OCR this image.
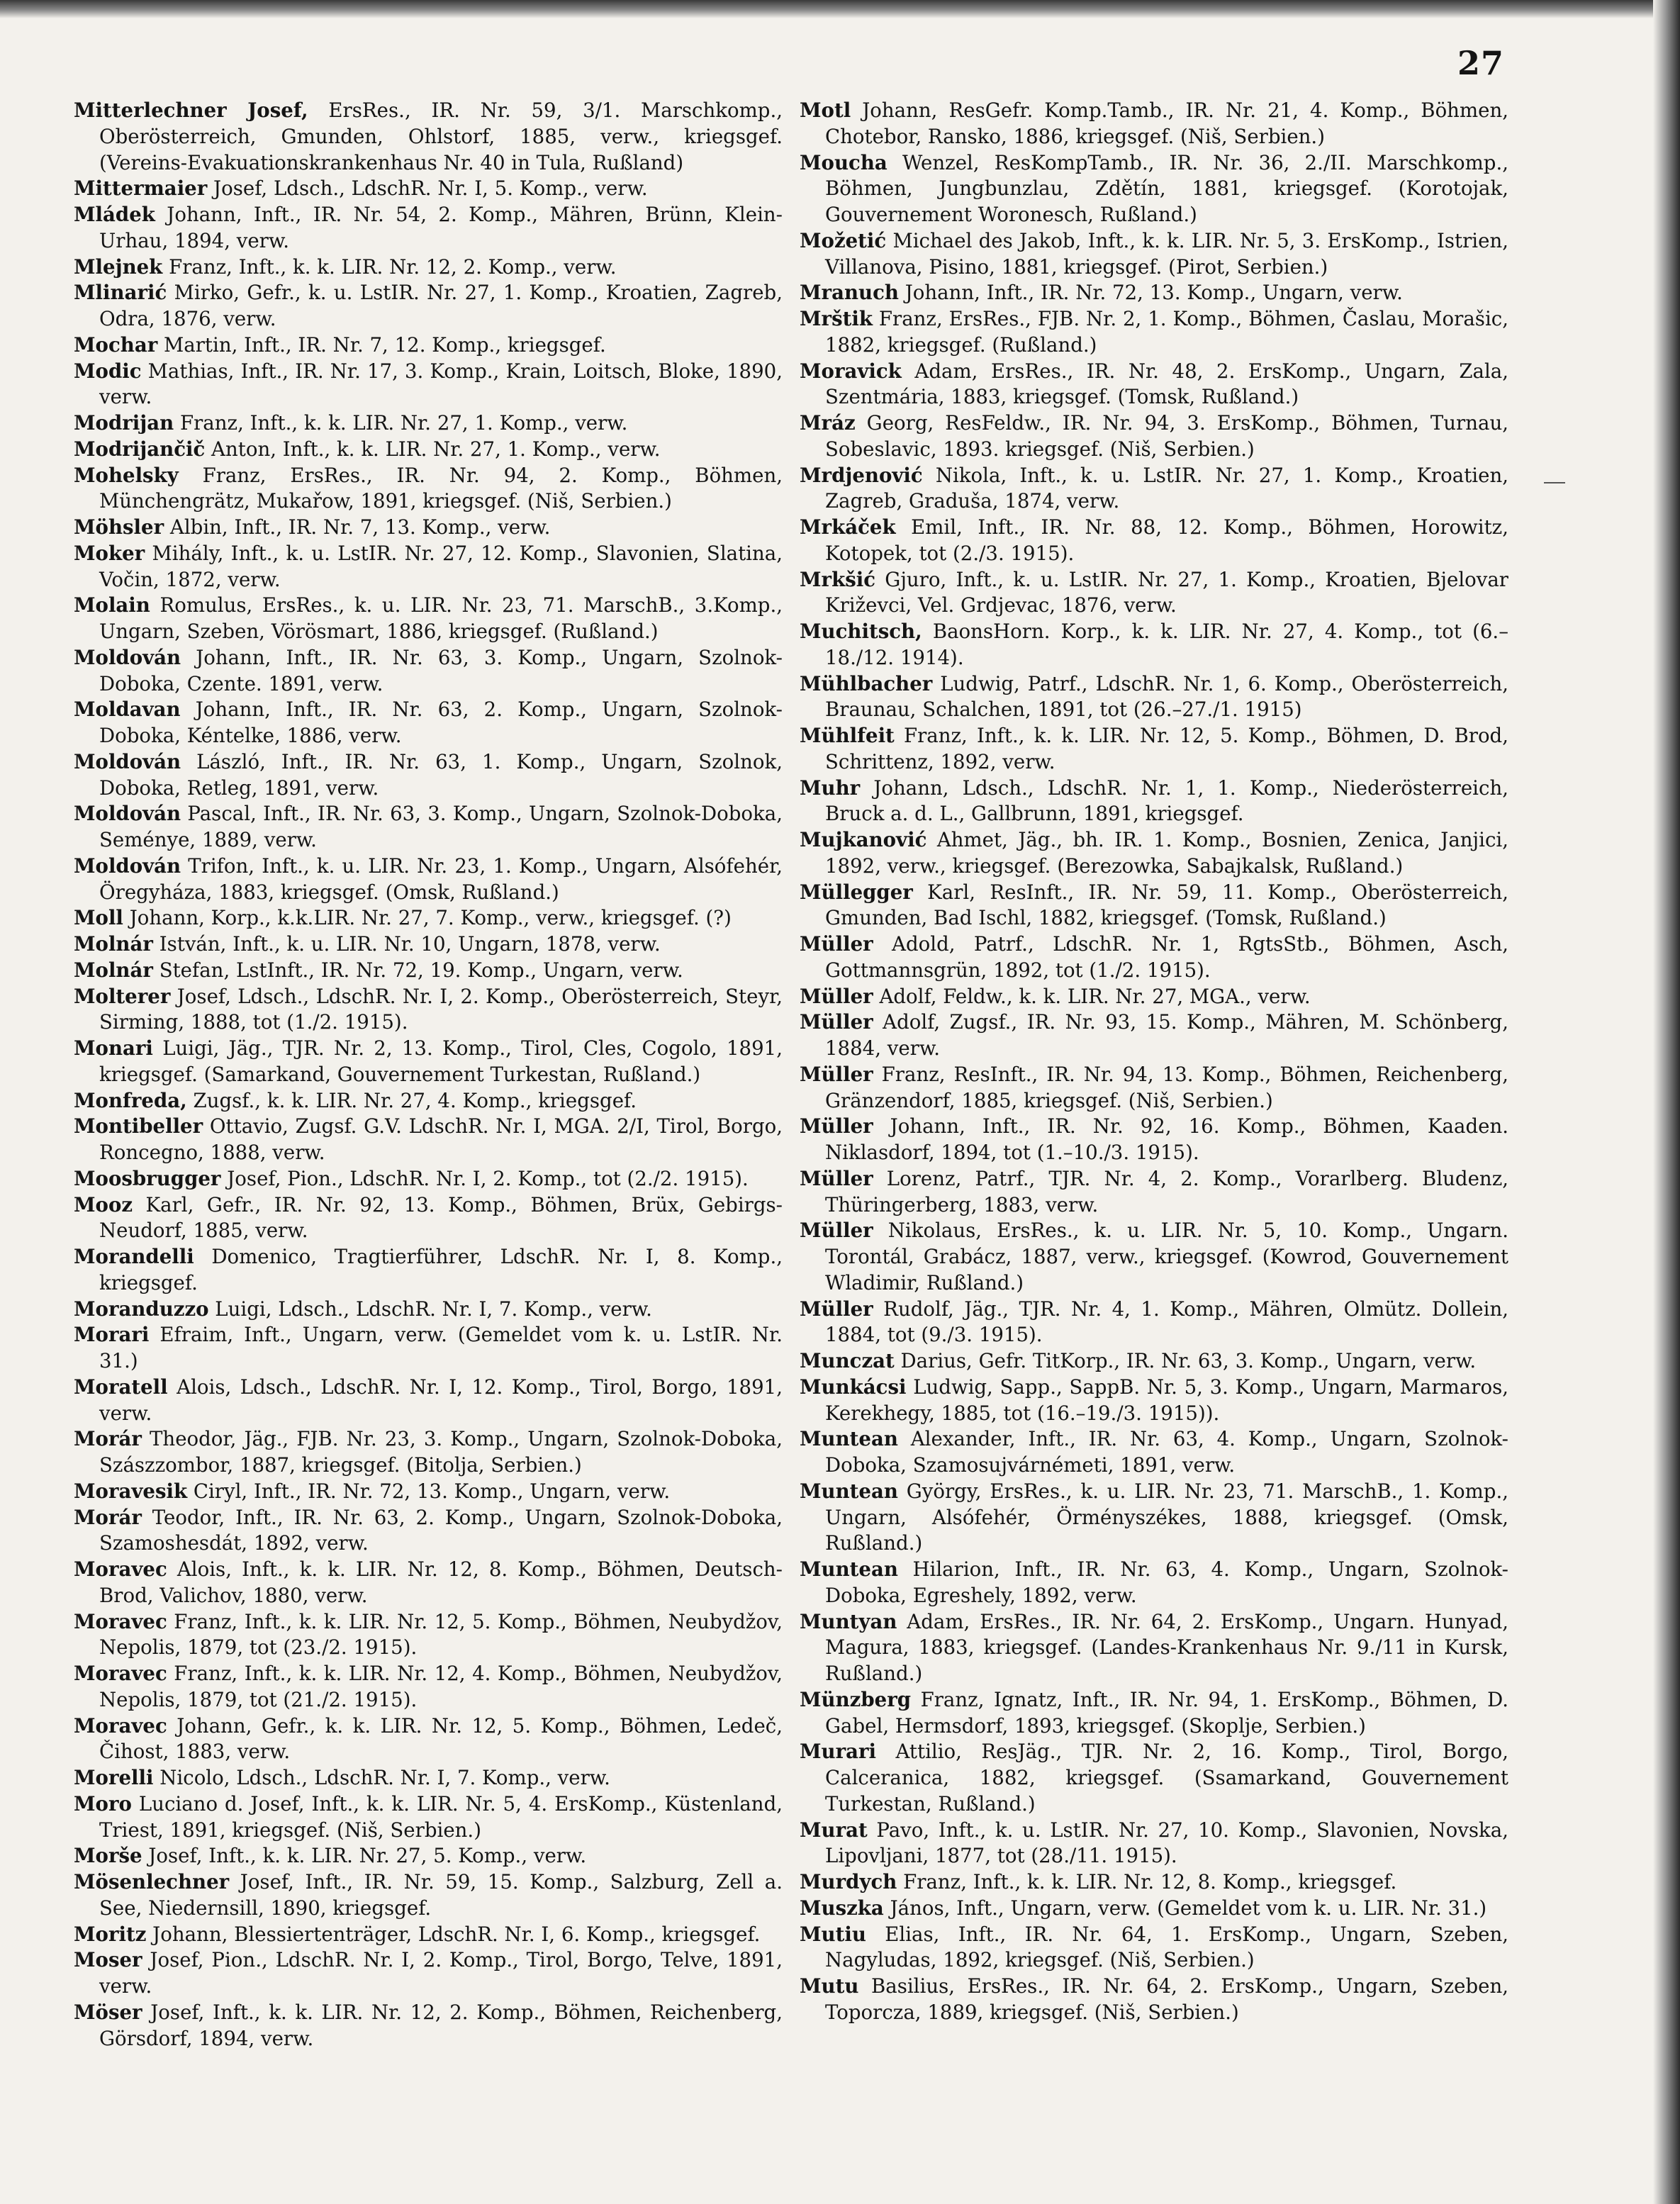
27

Mitterlechner Josef, ErsRes., IR. Nr. 59, 3/1. Marschkomp., Oberösterreich, Gmunden, Ohlstorf, 1885, verw., kriegsgef. (Vereins-Evakuationskrankenhaus Nr. 40 in Tula, Rußland)

Mittermaier Josef, Ldsch., LdschR. Nr. I, 5. Komp., verw.

Mládek Johann, Inft., IR. Nr. 54, 2. Komp., Mähren, Brünn, Klein-Urhau, 1894, verw.

Mlejnek Franz, Inft., k. k. LIR. Nr. 12, 2. Komp., verw.

Mlinarić Mirko, Gefr., k. u. LstIR. Nr. 27, 1. Komp., Kroatien, Zagreb, Odra, 1876, verw.

Mochar Martin, Inft., IR. Nr. 7, 12. Komp., kriegsgef.

Modic Mathias, Inft., IR. Nr. 17, 3. Komp., Krain, Loitsch, Bloke, 1890, verw.

Modrijan Franz, Inft., k. k. LIR. Nr. 27, 1. Komp., verw.

Modrijančič Anton, Inft., k. k. LIR. Nr. 27, 1. Komp., verw.

Mohelsky Franz, ErsRes., IR. Nr. 94, 2. Komp., Böhmen, Münchengrätz, Mukařow, 1891, kriegsgef. (Niš, Serbien.)

Möhsler Albin, Inft., IR. Nr. 7, 13. Komp., verw.

Moker Mihály, Inft., k. u. LstIR. Nr. 27, 12. Komp., Slavonien, Slatina, Vočin, 1872, verw.

Molain Romulus, ErsRes., k. u. LIR. Nr. 23, 71. MarschB., 3.Komp., Ungarn, Szeben, Vörösmart, 1886, kriegsgef. (Rußland.)

Moldován Johann, Inft., IR. Nr. 63, 3. Komp., Ungarn, Szolnok-Doboka, Czente. 1891, verw.

Moldavan Johann, Inft., IR. Nr. 63, 2. Komp., Ungarn, Szolnok-Doboka, Kéntelke, 1886, verw.

Moldován László, Inft., IR. Nr. 63, 1. Komp., Ungarn, Szolnok, Doboka, Retleg, 1891, verw.

Moldován Pascal, Inft., IR. Nr. 63, 3. Komp., Ungarn, Szolnok-Doboka, Seménye, 1889, verw.

Moldován Trifon, Inft., k. u. LIR. Nr. 23, 1. Komp., Ungarn, Alsófehér, Öregyháza, 1883, kriegsgef. (Omsk, Rußland.)

Moll Johann, Korp., k.k.LIR. Nr. 27, 7. Komp., verw., kriegsgef. (?)

Molnár István, Inft., k. u. LIR. Nr. 10, Ungarn, 1878, verw.

Molnár Stefan, LstInft., IR. Nr. 72, 19. Komp., Ungarn, verw.

Molterer Josef, Ldsch., LdschR. Nr. I, 2. Komp., Oberösterreich, Steyr, Sirming, 1888, tot (1./2. 1915).

Monari Luigi, Jäg., TJR. Nr. 2, 13. Komp., Tirol, Cles, Cogolo, 1891, kriegsgef. (Samarkand, Gouvernement Turkestan, Rußland.)

Monfreda, Zugsf., k. k. LIR. Nr. 27, 4. Komp., kriegsgef.

Montibeller Ottavio, Zugsf. G.V. LdschR. Nr. I, MGA. 2/I, Tirol, Borgo, Roncegno, 1888, verw.

Moosbrugger Josef, Pion., LdschR. Nr. I, 2. Komp., tot (2./2. 1915).

Mooz Karl, Gefr., IR. Nr. 92, 13. Komp., Böhmen, Brüx, Gebirgs-Neudorf, 1885, verw.

Morandelli Domenico, Tragtierführer, LdschR. Nr. I, 8. Komp., kriegsgef.

Moranduzzo Luigi, Ldsch., LdschR. Nr. I, 7. Komp., verw.

Morari Efraim, Inft., Ungarn, verw. (Gemeldet vom k. u. LstIR. Nr. 31.)

Moratell Alois, Ldsch., LdschR. Nr. I, 12. Komp., Tirol, Borgo, 1891, verw.

Morár Theodor, Jäg., FJB. Nr. 23, 3. Komp., Ungarn, Szolnok-Doboka, Szászzombor, 1887, kriegsgef. (Bitolja, Serbien.)

Moravesik Ciryl, Inft., IR. Nr. 72, 13. Komp., Ungarn, verw.

Morár Teodor, Inft., IR. Nr. 63, 2. Komp., Ungarn, Szolnok-Doboka, Szamoshesdát, 1892, verw.

Moravec Alois, Inft., k. k. LIR. Nr. 12, 8. Komp., Böhmen, Deutsch-Brod, Valichov, 1880, verw.

Moravec Franz, Inft., k. k. LIR. Nr. 12, 5. Komp., Böhmen, Neubydžov, Nepolis, 1879, tot (23./2. 1915).

Moravec Franz, Inft., k. k. LIR. Nr. 12, 4. Komp., Böhmen, Neubydžov, Nepolis, 1879, tot (21./2. 1915).

Moravec Johann, Gefr., k. k. LIR. Nr. 12, 5. Komp., Böhmen, Ledeč, Čihost, 1883, verw.

Morelli Nicolo, Ldsch., LdschR. Nr. I, 7. Komp., verw.

Moro Luciano d. Josef, Inft., k. k. LIR. Nr. 5, 4. ErsKomp., Küstenland, Triest, 1891, kriegsgef. (Niš, Serbien.)

Morše Josef, Inft., k. k. LIR. Nr. 27, 5. Komp., verw.

Mösenlechner Josef, Inft., IR. Nr. 59, 15. Komp., Salzburg, Zell a. See, Niedernsill, 1890, kriegsgef.

Moritz Johann, Blessiertenträger, LdschR. Nr. I, 6. Komp., kriegsgef.

Moser Josef, Pion., LdschR. Nr. I, 2. Komp., Tirol, Borgo, Telve, 1891, verw.

Möser Josef, Inft., k. k. LIR. Nr. 12, 2. Komp., Böhmen, Reichenberg, Görsdorf, 1894, verw.

Motl Johann, ResGefr. Komp.Tamb., IR. Nr. 21, 4. Komp., Böhmen, Chotebor, Ransko, 1886, kriegsgef. (Niš, Serbien.)

Moucha Wenzel, ResKompTamb., IR. Nr. 36, 2./II. Marschkomp., Böhmen, Jungbunzlau, Zdětín, 1881, kriegsgef. (Korotojak, Gouvernement Woronesch, Rußland.)

Možetić Michael des Jakob, Inft., k. k. LIR. Nr. 5, 3. ErsKomp., Istrien, Villanova, Pisino, 1881, kriegsgef. (Pirot, Serbien.)

Mranuch Johann, Inft., IR. Nr. 72, 13. Komp., Ungarn, verw.

Mrštik Franz, ErsRes., FJB. Nr. 2, 1. Komp., Böhmen, Časlau, Morašic, 1882, kriegsgef. (Rußland.)

Moravick Adam, ErsRes., IR. Nr. 48, 2. ErsKomp., Ungarn, Zala, Szentmária, 1883, kriegsgef. (Tomsk, Rußland.)

Mráz Georg, ResFeldw., IR. Nr. 94, 3. ErsKomp., Böhmen, Turnau, Sobeslavic, 1893. kriegsgef. (Niš, Serbien.)

Mrdjenović Nikola, Inft., k. u. LstIR. Nr. 27, 1. Komp., Kroatien, Zagreb, Graduša, 1874, verw.

Mrkáček Emil, Inft., IR. Nr. 88, 12. Komp., Böhmen, Horowitz, Kotopek, tot (2./3. 1915).

Mrkšić Gjuro, Inft., k. u. LstIR. Nr. 27, 1. Komp., Kroatien, Bjelovar Križevci, Vel. Grdjevac, 1876, verw.

Muchitsch, BaonsHorn. Korp., k. k. LIR. Nr. 27, 4. Komp., tot (6.–18./12. 1914).

Mühlbacher Ludwig, Patrf., LdschR. Nr. 1, 6. Komp., Oberösterreich, Braunau, Schalchen, 1891, tot (26.–27./1. 1915)

Mühlfeit Franz, Inft., k. k. LIR. Nr. 12, 5. Komp., Böhmen, D. Brod, Schrittenz, 1892, verw.

Muhr Johann, Ldsch., LdschR. Nr. 1, 1. Komp., Niederösterreich, Bruck a. d. L., Gallbrunn, 1891, kriegsgef.

Mujkanović Ahmet, Jäg., bh. IR. 1. Komp., Bosnien, Zenica, Janjici, 1892, verw., kriegsgef. (Berezowka, Sabajkalsk, Rußland.)

Müllegger Karl, ResInft., IR. Nr. 59, 11. Komp., Oberösterreich, Gmunden, Bad Ischl, 1882, kriegsgef. (Tomsk, Rußland.)

Müller Adold, Patrf., LdschR. Nr. 1, RgtsStb., Böhmen, Asch, Gottmannsgrün, 1892, tot (1./2. 1915).

Müller Adolf, Feldw., k. k. LIR. Nr. 27, MGA., verw.

Müller Adolf, Zugsf., IR. Nr. 93, 15. Komp., Mähren, M. Schönberg, 1884, verw.

Müller Franz, ResInft., IR. Nr. 94, 13. Komp., Böhmen, Reichenberg, Gränzendorf, 1885, kriegsgef. (Niš, Serbien.)

Müller Johann, Inft., IR. Nr. 92, 16. Komp., Böhmen, Kaaden. Niklasdorf, 1894, tot (1.–10./3. 1915).

Müller Lorenz, Patrf., TJR. Nr. 4, 2. Komp., Vorarlberg. Bludenz, Thüringerberg, 1883, verw.

Müller Nikolaus, ErsRes., k. u. LIR. Nr. 5, 10. Komp., Ungarn. Torontál, Grabácz, 1887, verw., kriegsgef. (Kowrod, Gouvernement Wladimir, Rußland.)

Müller Rudolf, Jäg., TJR. Nr. 4, 1. Komp., Mähren, Olmütz. Dollein, 1884, tot (9./3. 1915).

Munczat Darius, Gefr. TitKorp., IR. Nr. 63, 3. Komp., Ungarn, verw.

Munkácsi Ludwig, Sapp., SappB. Nr. 5, 3. Komp., Ungarn, Marmaros, Kerekhegy, 1885, tot (16.–19./3. 1915)).

Muntean Alexander, Inft., IR. Nr. 63, 4. Komp., Ungarn, Szolnok-Doboka, Szamosujvárnémeti, 1891, verw.

Muntean György, ErsRes., k. u. LIR. Nr. 23, 71. MarschB., 1. Komp., Ungarn, Alsófehér, Örményszékes, 1888, kriegsgef. (Omsk, Rußland.)

Muntean Hilarion, Inft., IR. Nr. 63, 4. Komp., Ungarn, Szolnok-Doboka, Egreshely, 1892, verw.

Muntyan Adam, ErsRes., IR. Nr. 64, 2. ErsKomp., Ungarn. Hunyad, Magura, 1883, kriegsgef. (Landes-Krankenhaus Nr. 9./11 in Kursk, Rußland.)

Münzberg Franz, Ignatz, Inft., IR. Nr. 94, 1. ErsKomp., Böhmen, D. Gabel, Hermsdorf, 1893, kriegsgef. (Skoplje, Serbien.)

Murari Attilio, ResJäg., TJR. Nr. 2, 16. Komp., Tirol, Borgo, Calceranica, 1882, kriegsgef. (Ssamarkand, Gouvernement Turkestan, Rußland.)

Murat Pavo, Inft., k. u. LstIR. Nr. 27, 10. Komp., Slavonien, Novska, Lipovljani, 1877, tot (28./11. 1915).

Murdych Franz, Inft., k. k. LIR. Nr. 12, 8. Komp., kriegsgef.

Muszka János, Inft., Ungarn, verw. (Gemeldet vom k. u. LIR. Nr. 31.)

Mutiu Elias, Inft., IR. Nr. 64, 1. ErsKomp., Ungarn, Szeben, Nagyludas, 1892, kriegsgef. (Niš, Serbien.)

Mutu Basilius, ErsRes., IR. Nr. 64, 2. ErsKomp., Ungarn, Szeben, Toporcza, 1889, kriegsgef. (Niš, Serbien.)
